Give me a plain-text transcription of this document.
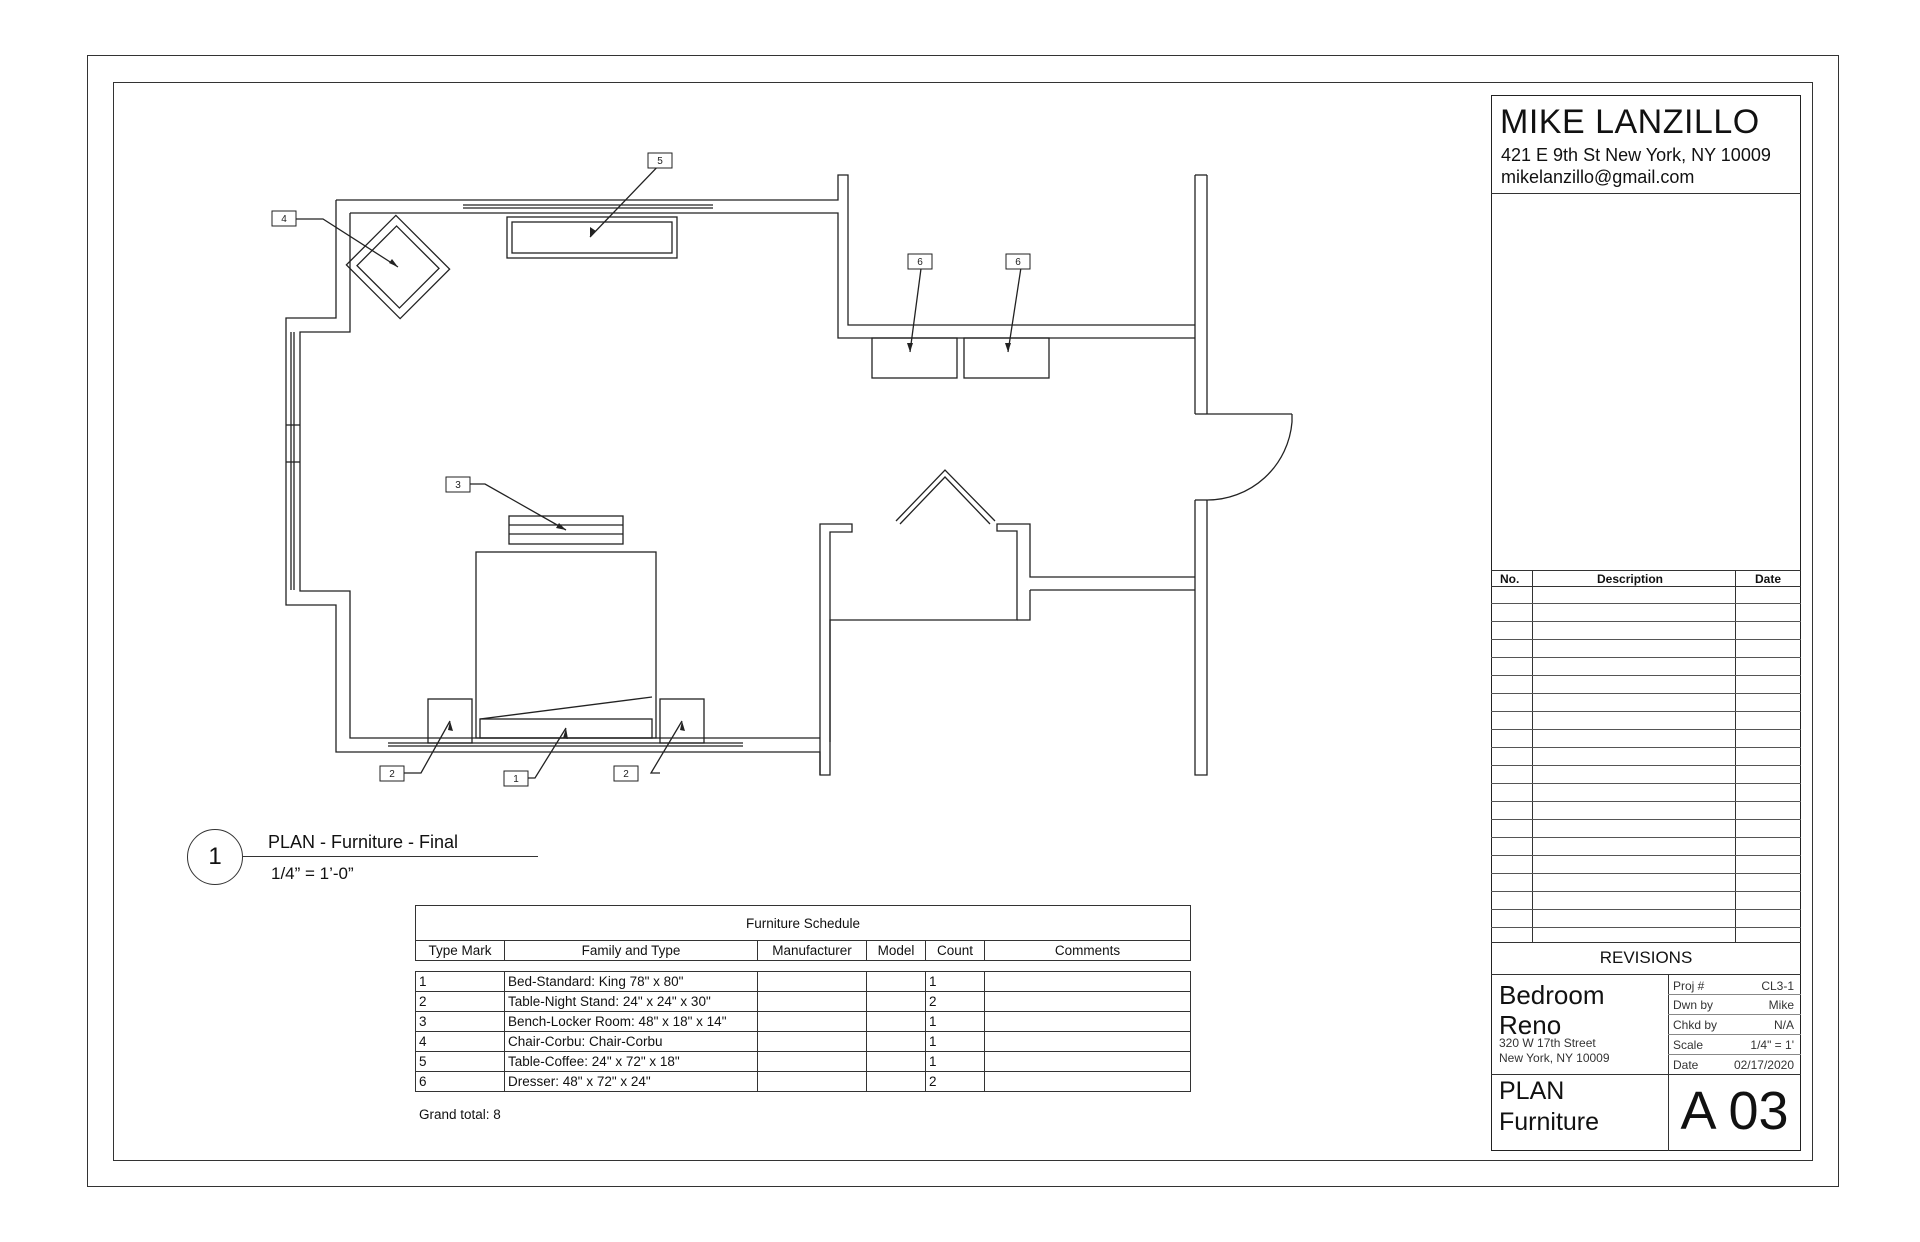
4
5
6	6
3
2	1	2
1
PLAN - Furniture - Final
1/4” = 1’-0”
Furniture Schedule					
Type Mark	Family and Type	Manufacturer	Model	Count	Comments

1	Bed-Standard: King 78" x 80"			1	
2	Table-Night Stand: 24" x 24" x 30"			2	
3	Bench-Locker Room: 48" x 18" x 14"			1	
4	Chair-Corbu: Chair-Corbu			1	
5	Table-Coffee: 24" x 72" x 18"			1	
6	Dresser: 48" x 72" x 24"			2	
Grand total: 8
MIKE LANZILLO
421 E 9th St New York, NY 10009
mikelanzillo@gmail.com
No.	Description	Date
REVISIONS
Bedroom
Reno
320 W 17th Street
New York, NY 10009
Proj #	CL3-1
Dwn by	Mike
Chkd by	N/A
Scale	1/4" = 1'
Date	02/17/2020
PLAN
Furniture A 03
